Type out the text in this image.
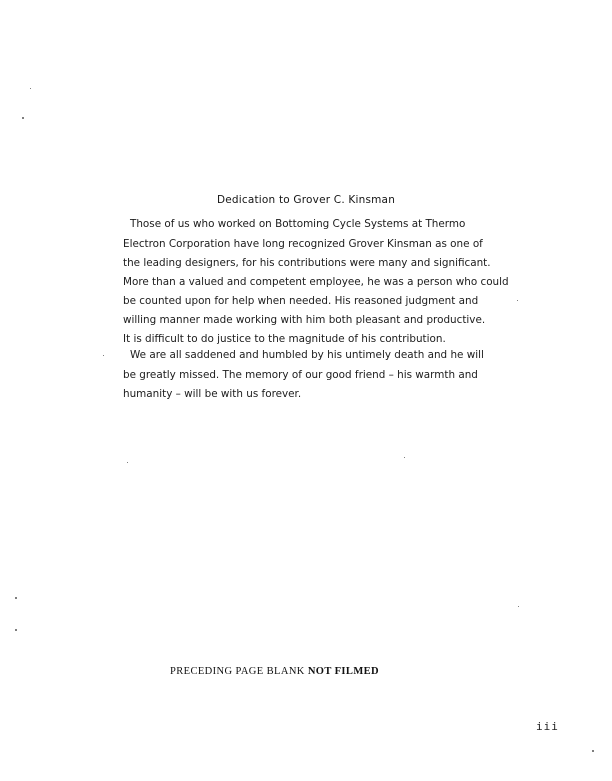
Dedication to Grover C. Kinsman
Those of us who worked on Bottoming Cycle Systems at Thermo
Electron Corporation have long recognized Grover Kinsman as one of
the leading designers, for his contributions were many and significant.
More than a valued and competent employee, he was a person who could
be counted upon for help when needed. His reasoned judgment and
willing manner made working with him both pleasant and productive.
It is difficult to do justice to the magnitude of his contribution.
We are all saddened and humbled by his untimely death and he will
be greatly missed. The memory of our good friend – his warmth and
humanity – will be with us forever.
PRECEDING PAGE BLANK NOT FILMED
iii
